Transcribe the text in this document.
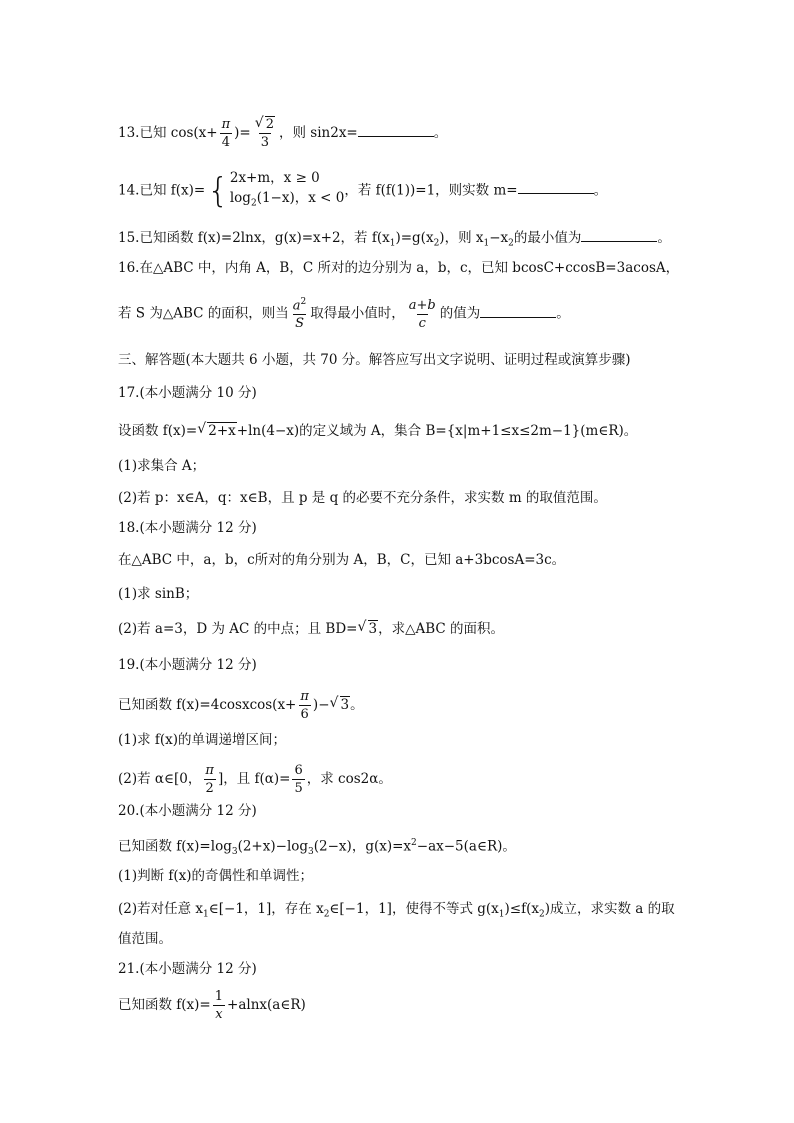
13.已知 $\cos(x+ \frac{\pi}{4}$ )= $\frac{√ 2}{3}$ ，则 sin2x=	。
14.已知 f(x)={ 2x+m，x ≥ 0
$\log_2(1-x)$，x < 0 ，若 f(f(1))=1，则实数 m=	。
15.已知函数 f(x)=2lnx，g(x)=x+2，若 $f(x_1)=g(x_2)$，则 $x_1-x_2$的最小值为	。
16.在△ABC 中，内角 A，B，C 所对的边分别为 a，b，c，已知 bcosC+ccosB=3acosA，
若 S 为△ABC 的面积，则当 $\frac{a^2}{S}$ 取得最小值时， $\frac{a+b}{c}$ 的值为	。
三、解答题(本大题共 6 小题，共 70 分。解答应写出文字说明、证明过程或演算步骤)
17.(本小题满分 10 分)
设函数 f(x)= √ 2+x+ln(4−x)的定义域为 A，集合 B={x|m+1≤x≤2m−1}(m∈R)。
(1)求集合 A；
(2)若 p：x∈A，q：x∈B，且 p 是 q 的必要不充分条件，求实数 m 的取值范围。
18.(本小题满分 12 分)
在△ABC 中，a，b，c所对的角分别为 A，B，C，已知 a+3bcosA=3c。
(1)求 sinB；
(2)若 a=3，D 为 AC 的中点；且 BD= √ 3，求△ABC 的面积。
19.(本小题满分 12 分)
已知函数 f(x)=4cosxcos(x+ $\frac{\pi}{6}$ )− √ 3。
(1)求 f(x)的单调递增区间；
(2)若 α∈[0， $\frac{\pi}{2}$ ]，且 $f(\alpha)= \frac{6}{5}$ ，求 cos2α。
20.(本小题满分 12 分)
已知函数 $f(x)=\log_3(2+x)-\log_3(2-x)$，$g(x)=x^2-ax-5(a\in R)$。
(1)判断 f(x)的奇偶性和单调性；
(2)若对任意 $x_1\in[-1$，1]，存在 $x_2\in[-1$，1]，使得不等式 $g(x_1)\le f(x_2)$成立，求实数 a 的取
值范围。
21.(本小题满分 12 分)
已知函数 $f(x)= \frac{1}{x}$ +alnx(a∈R)
